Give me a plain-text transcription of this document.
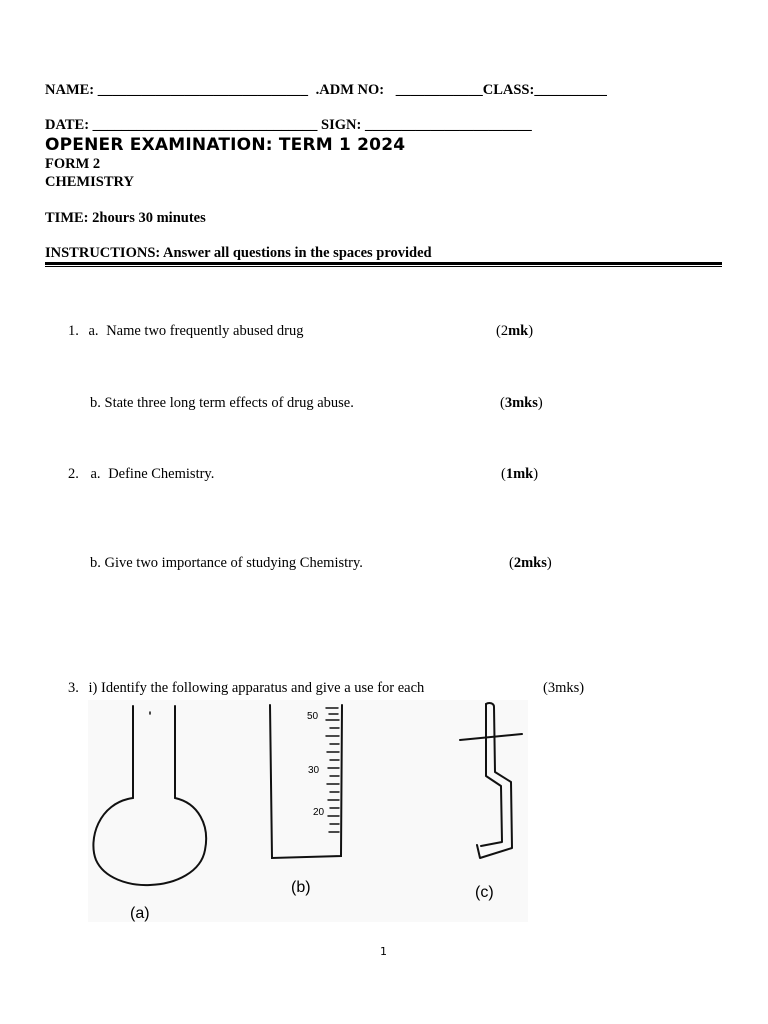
NAME: _____________________________ .ADM NO: ____________CLASS:__________
DATE: _______________________________ SIGN: _______________________
OPENER EXAMINATION: TERM 1 2024
FORM 2
CHEMISTRY
TIME: 2hours 30 minutes
INSTRUCTIONS: Answer all questions in the spaces provided
1. a. Name two frequently abused drug	(2mk)
b. State three long term effects of drug abuse.	(3mks)
2. a. Define Chemistry.	(1mk)
b. Give two importance of studying Chemistry.	(2mks)
3. i) Identify the following apparatus and give a use for each	(3mks)
50
30
20
(a)
(b)	(c)
1
